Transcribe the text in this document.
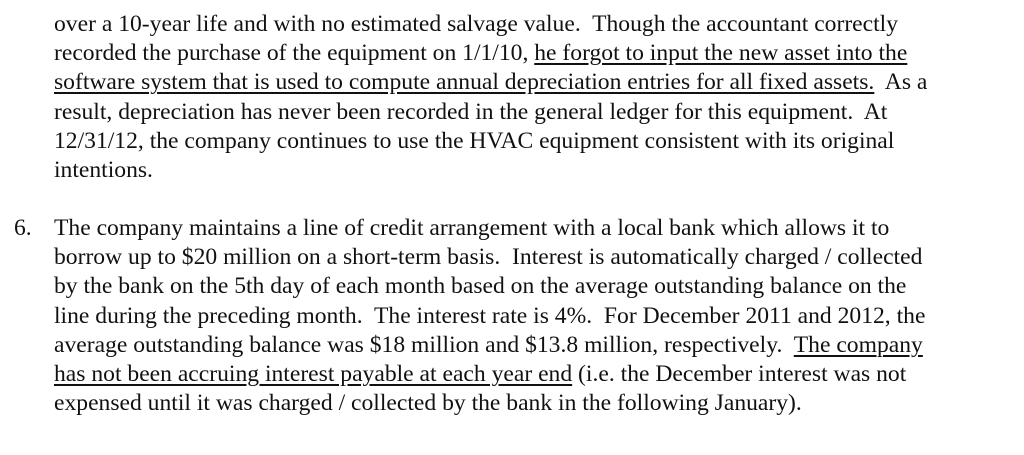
over a 10-year life and with no estimated salvage value.  Though the accountant correctly
recorded the purchase of the equipment on 1/1/10, he forgot to input the new asset into the
software system that is used to compute annual depreciation entries for all fixed assets.  As a
result, depreciation has never been recorded in the general ledger for this equipment.  At
12/31/12, the company continues to use the HVAC equipment consistent with its original
intentions.
6. The company maintains a line of credit arrangement with a local bank which allows it to
borrow up to $20 million on a short-term basis.  Interest is automatically charged / collected
by the bank on the 5th day of each month based on the average outstanding balance on the
line during the preceding month.  The interest rate is 4%.  For December 2011 and 2012, the
average outstanding balance was $18 million and $13.8 million, respectively.  The company
has not been accruing interest payable at each year end (i.e. the December interest was not
expensed until it was charged / collected by the bank in the following January).
